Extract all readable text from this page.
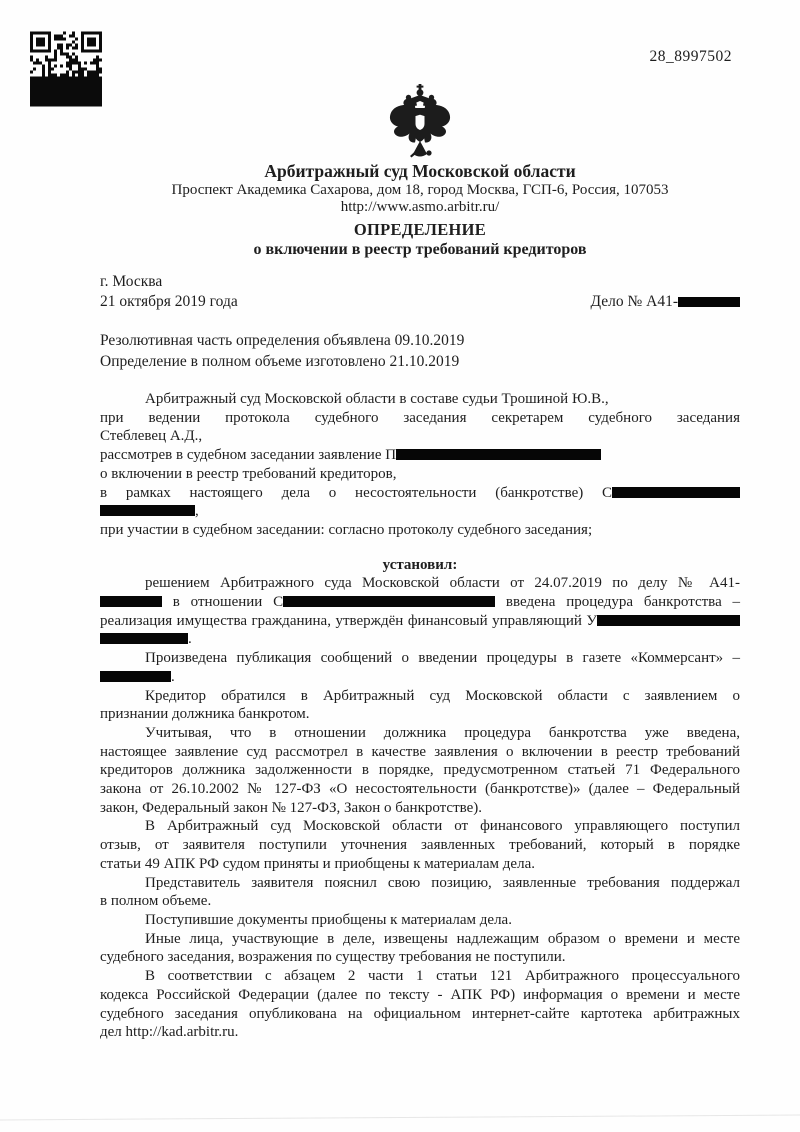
28_8997502
Арбитражный суд Московской области
Проспект Академика Сахарова, дом 18, город Москва, ГСП-6, Россия, 107053
http://www.asmo.arbitr.ru/
ОПРЕДЕЛЕНИЕ
о включении в реестр требований кредиторов
г. Москва
21 октября 2019 года	Дело № А41-
Резолютивная часть определения объявлена 09.10.2019
Определение в полном объеме изготовлено 21.10.2019
Арбитражный суд Московской области в составе судьи Трошиной Ю.В.,
при ведении протокола судебного заседания секретарем судебного заседания
Стеблевец А.Д.,
рассмотрев в судебном заседании заявление П
о включении в реестр требований кредиторов,
в рамках настоящего дела о несостоятельности (банкротстве) С
,
при участии в судебном заседании: согласно протоколу судебного заседания;
установил:
решением Арбитражного суда Московской области от 24.07.2019 по делу № А41-
в отношении С	введена процедура банкротства –
реализация имущества гражданина, утверждён финансовый управляющий У
.
Произведена публикация сообщений о введении процедуры в газете «Коммерсант» –
.
Кредитор обратился в Арбитражный суд Московской области с заявлением о
признании должника банкротом.
Учитывая, что в отношении должника процедура банкротства уже введена,
настоящее заявление суд рассмотрел в качестве заявления о включении в реестр требований
кредиторов должника задолженности в порядке, предусмотренном статьей 71 Федерального
закона от 26.10.2002 № 127-ФЗ «О несостоятельности (банкротстве)» (далее – Федеральный
закон, Федеральный закон № 127-ФЗ, Закон о банкротстве).
В Арбитражный суд Московской области от финансового управляющего поступил
отзыв, от заявителя поступили уточнения заявленных требований, который в порядке
статьи 49 АПК РФ судом приняты и приобщены к материалам дела.
Представитель заявителя пояснил свою позицию, заявленные требования поддержал
в полном объеме.
Поступившие документы приобщены к материалам дела.
Иные лица, участвующие в деле, извещены надлежащим образом о времени и месте
судебного заседания, возражения по существу требования не поступили.
В соответствии с абзацем 2 части 1 статьи 121 Арбитражного процессуального
кодекса Российской Федерации (далее по тексту - АПК РФ) информация о времени и месте
судебного заседания опубликована на официальном интернет-сайте картотека арбитражных
дел http://kad.arbitr.ru.
